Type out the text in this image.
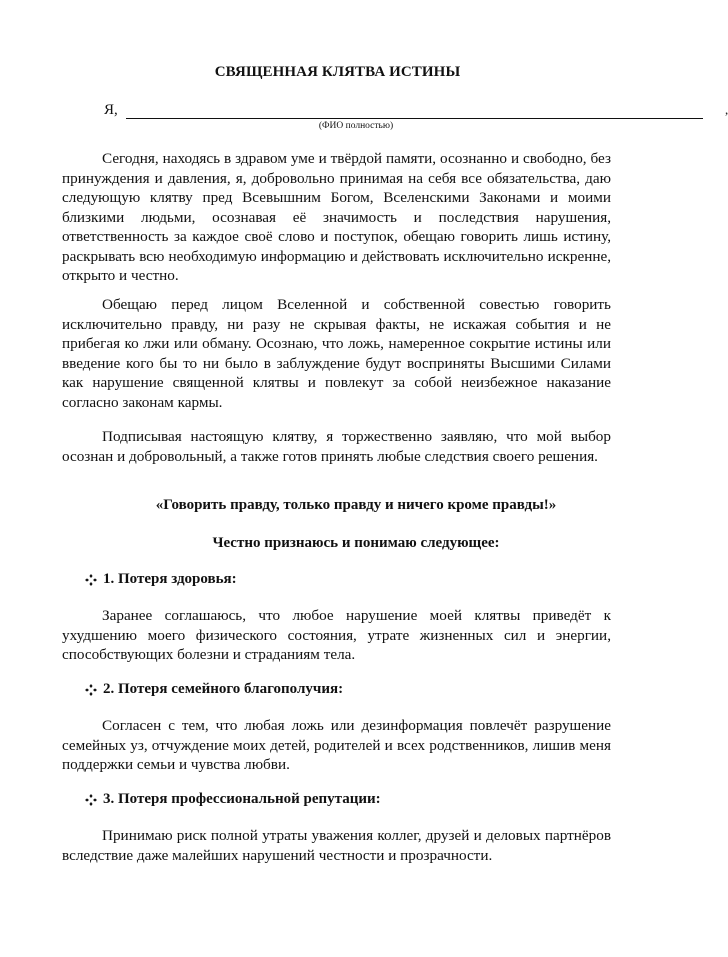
СВЯЩЕННАЯ КЛЯТВА ИСТИНЫ
Я,	,
(ФИО полностью)

Сегодня, находясь в здравом уме и твёрдой памяти, осознанно и свободно, без принуждения и давления, я, добровольно принимая на себя все обязательства, даю следующую клятву пред Всевышним Богом, Вселенскими Законами и моими близкими людьми, осознавая её значимость и последствия нарушения, ответственность за каждое своё слово и поступок, обещаю говорить лишь истину, раскрывать всю необходимую информацию и действовать исключительно искренне, открыто и честно.

Обещаю перед лицом Вселенной и собственной совестью говорить исключительно правду, ни разу не скрывая факты, не искажая события и не прибегая ко лжи или обману. Осознаю, что ложь, намеренное сокрытие истины или введение кого бы то ни было в заблуждение будут восприняты Высшими Силами как нарушение священной клятвы и повлекут за собой неизбежное наказание согласно законам кармы.

Подписывая настоящую клятву, я торжественно заявляю, что мой выбор осознан и добровольный, а также готов принять любые следствия своего решения.

«Говорить правду, только правду и ничего кроме правды!»
Честно признаюсь и понимаю следующее:
1. Потеря здоровья:

Заранее соглашаюсь, что любое нарушение моей клятвы приведёт к ухудшению моего физического состояния, утрате жизненных сил и энергии, способствующих болезни и страданиям тела.

2. Потеря семейного благополучия:

Согласен с тем, что любая ложь или дезинформация повлечёт разрушение семейных уз, отчуждение моих детей, родителей и всех родственников, лишив меня поддержки семьи и чувства любви.

3. Потеря профессиональной репутации:

Принимаю риск полной утраты уважения коллег, друзей и деловых партнёров вследствие даже малейших нарушений честности и прозрачности.
